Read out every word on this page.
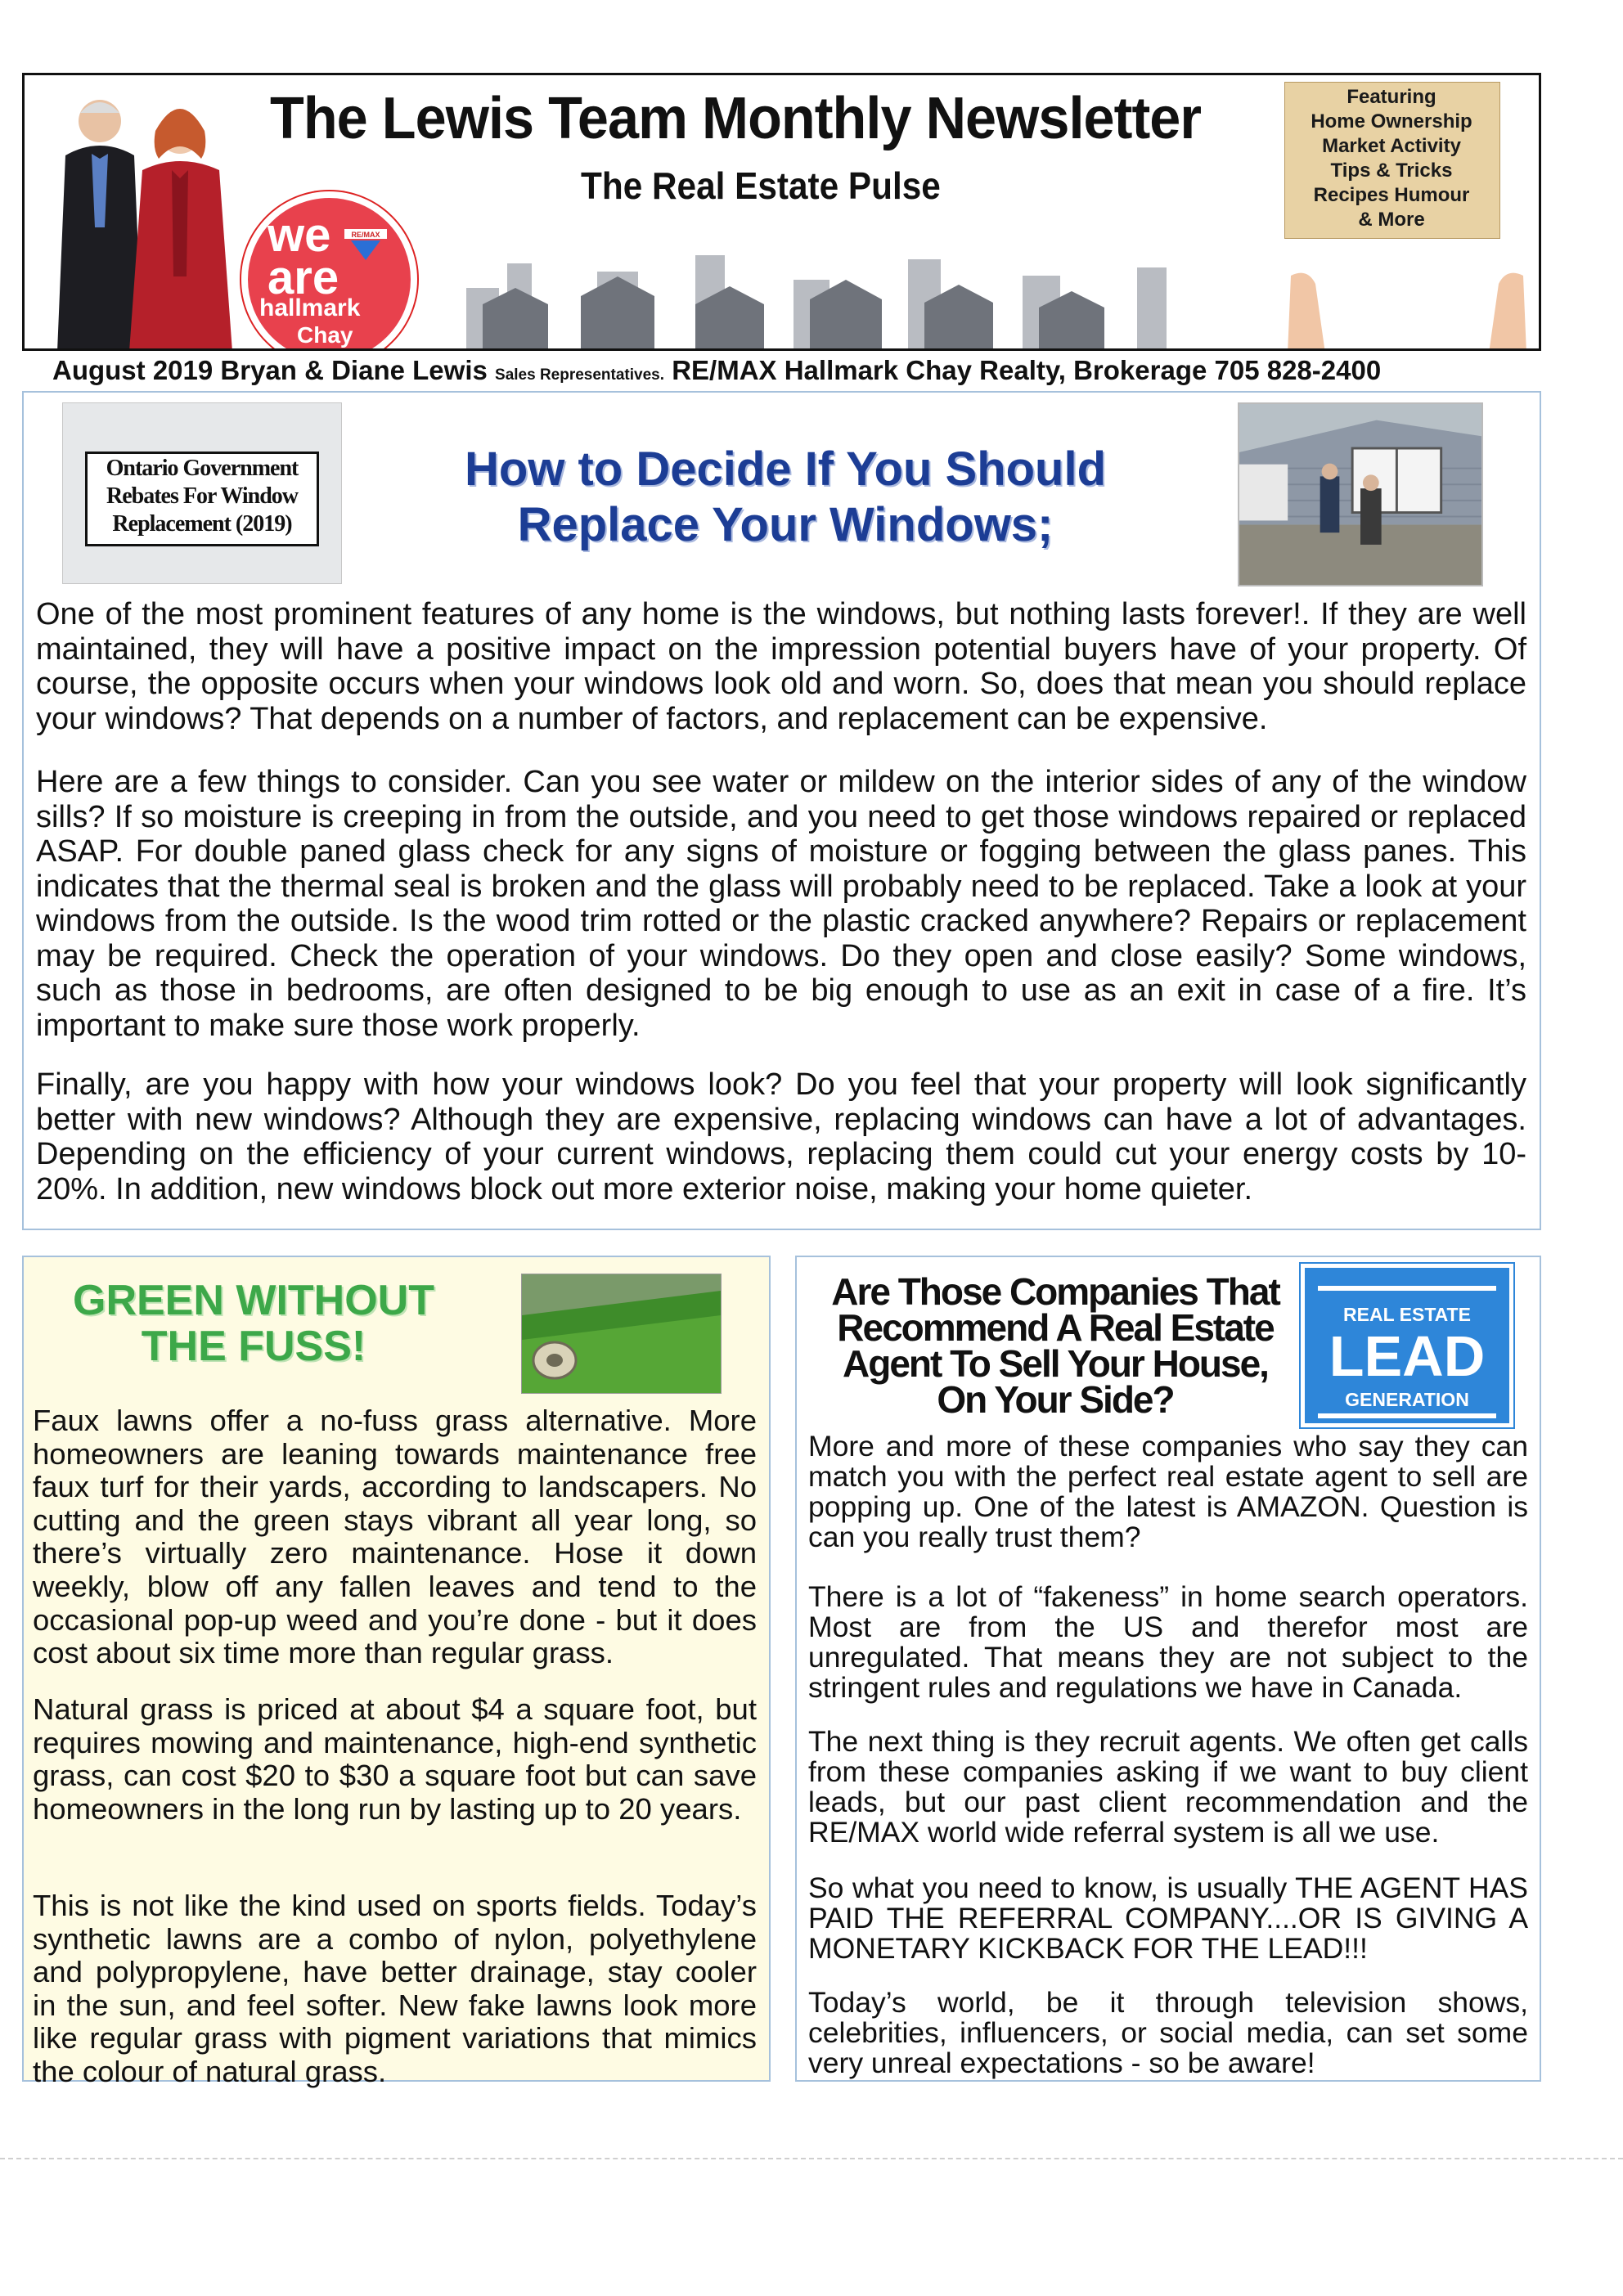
The Lewis Team Monthly Newsletter
The Real Estate Pulse
RE/MAX
we
are
hallmark
Chay
Featuring
Home Ownership
Market Activity
Tips & Tricks
Recipes Humour
& More
August 2019 Bryan & Diane Lewis Sales Representatives. RE/MAX Hallmark Chay Realty, Brokerage 705 828-2400
Ontario Government Rebates For Window Replacement (2019)
How to Decide If You Should
Replace Your Windows;

One of the most prominent features of any home is the windows, but nothing lasts forever!. If they are well maintained, they will have a positive impact on the impression potential buyers have of your property. Of course, the opposite occurs when your windows look old and worn. So, does that mean you should replace your windows? That depends on a number of factors, and replacement can be expensive.

Here are a few things to consider. Can you see water or mildew on the interior sides of any of the window sills? If so moisture is creeping in from the outside, and you need to get those windows repaired or replaced ASAP. For double paned glass check for any signs of moisture or fogging between the glass panes. This indicates that the thermal seal is broken and the glass will probably need to be replaced. Take a look at your windows from the outside. Is the wood trim rotted or the plastic cracked anywhere? Repairs or replacement may be required. Check the operation of your windows. Do they open and close easily? Some windows, such as those in bedrooms, are often designed to be big enough to use as an exit in case of a fire. It’s important to make sure those work properly.

Finally, are you happy with how your windows look? Do you feel that your property will look significantly better with new windows? Although they are expensive, replacing windows can have a lot of advantages. Depending on the efficiency of your current windows, replacing them could cut your energy costs by 10-20%. In addition, new windows block out more exterior noise, making your home quieter.

GREEN WITHOUT
THE FUSS!

Faux lawns offer a no-fuss grass alternative. More homeowners are leaning towards maintenance free faux turf for their yards, according to landscapers. No cutting and the green stays vibrant all year long, so there’s virtually zero maintenance. Hose it down weekly, blow off any fallen leaves and tend to the occasional pop-up weed and you’re done - but it does cost about six time more than regular grass.

Natural grass is priced at about $4 a square foot, but requires mowing and maintenance, high-end synthetic grass, can cost $20 to $30 a square foot but can save homeowners in the long run by lasting up to 20 years.

This is not like the kind used on sports fields. Today’s synthetic lawns are a combo of nylon, polyethylene and polypropylene, have better drainage, stay cooler in the sun, and feel softer. New fake lawns look more like regular grass with pigment variations that mimics the colour of natural grass.

Are Those Companies That Recommend A Real Estate Agent To Sell Your House, On Your Side?
REAL ESTATE
LEAD
GENERATION

More and more of these companies who say they can match you with the perfect real estate agent to sell are popping up. One of the latest is AMAZON. Question is can you really trust them?

There is a lot of “fakeness” in home search operators. Most are from the US and therefor most are unregulated. That means they are not subject to the stringent rules and regulations we have in Canada.

The next thing is they recruit agents. We often get calls from these companies asking if we want to buy client leads, but our past client recommendation and the RE/MAX world wide referral system is all we use.

So what you need to know, is usually THE AGENT HAS PAID THE REFERRAL COMPANY....OR IS GIVING A MONETARY KICKBACK FOR THE LEAD!!!

Today’s world, be it through television shows, celebrities, influencers, or social media, can set some very unreal expectations - so be aware!
